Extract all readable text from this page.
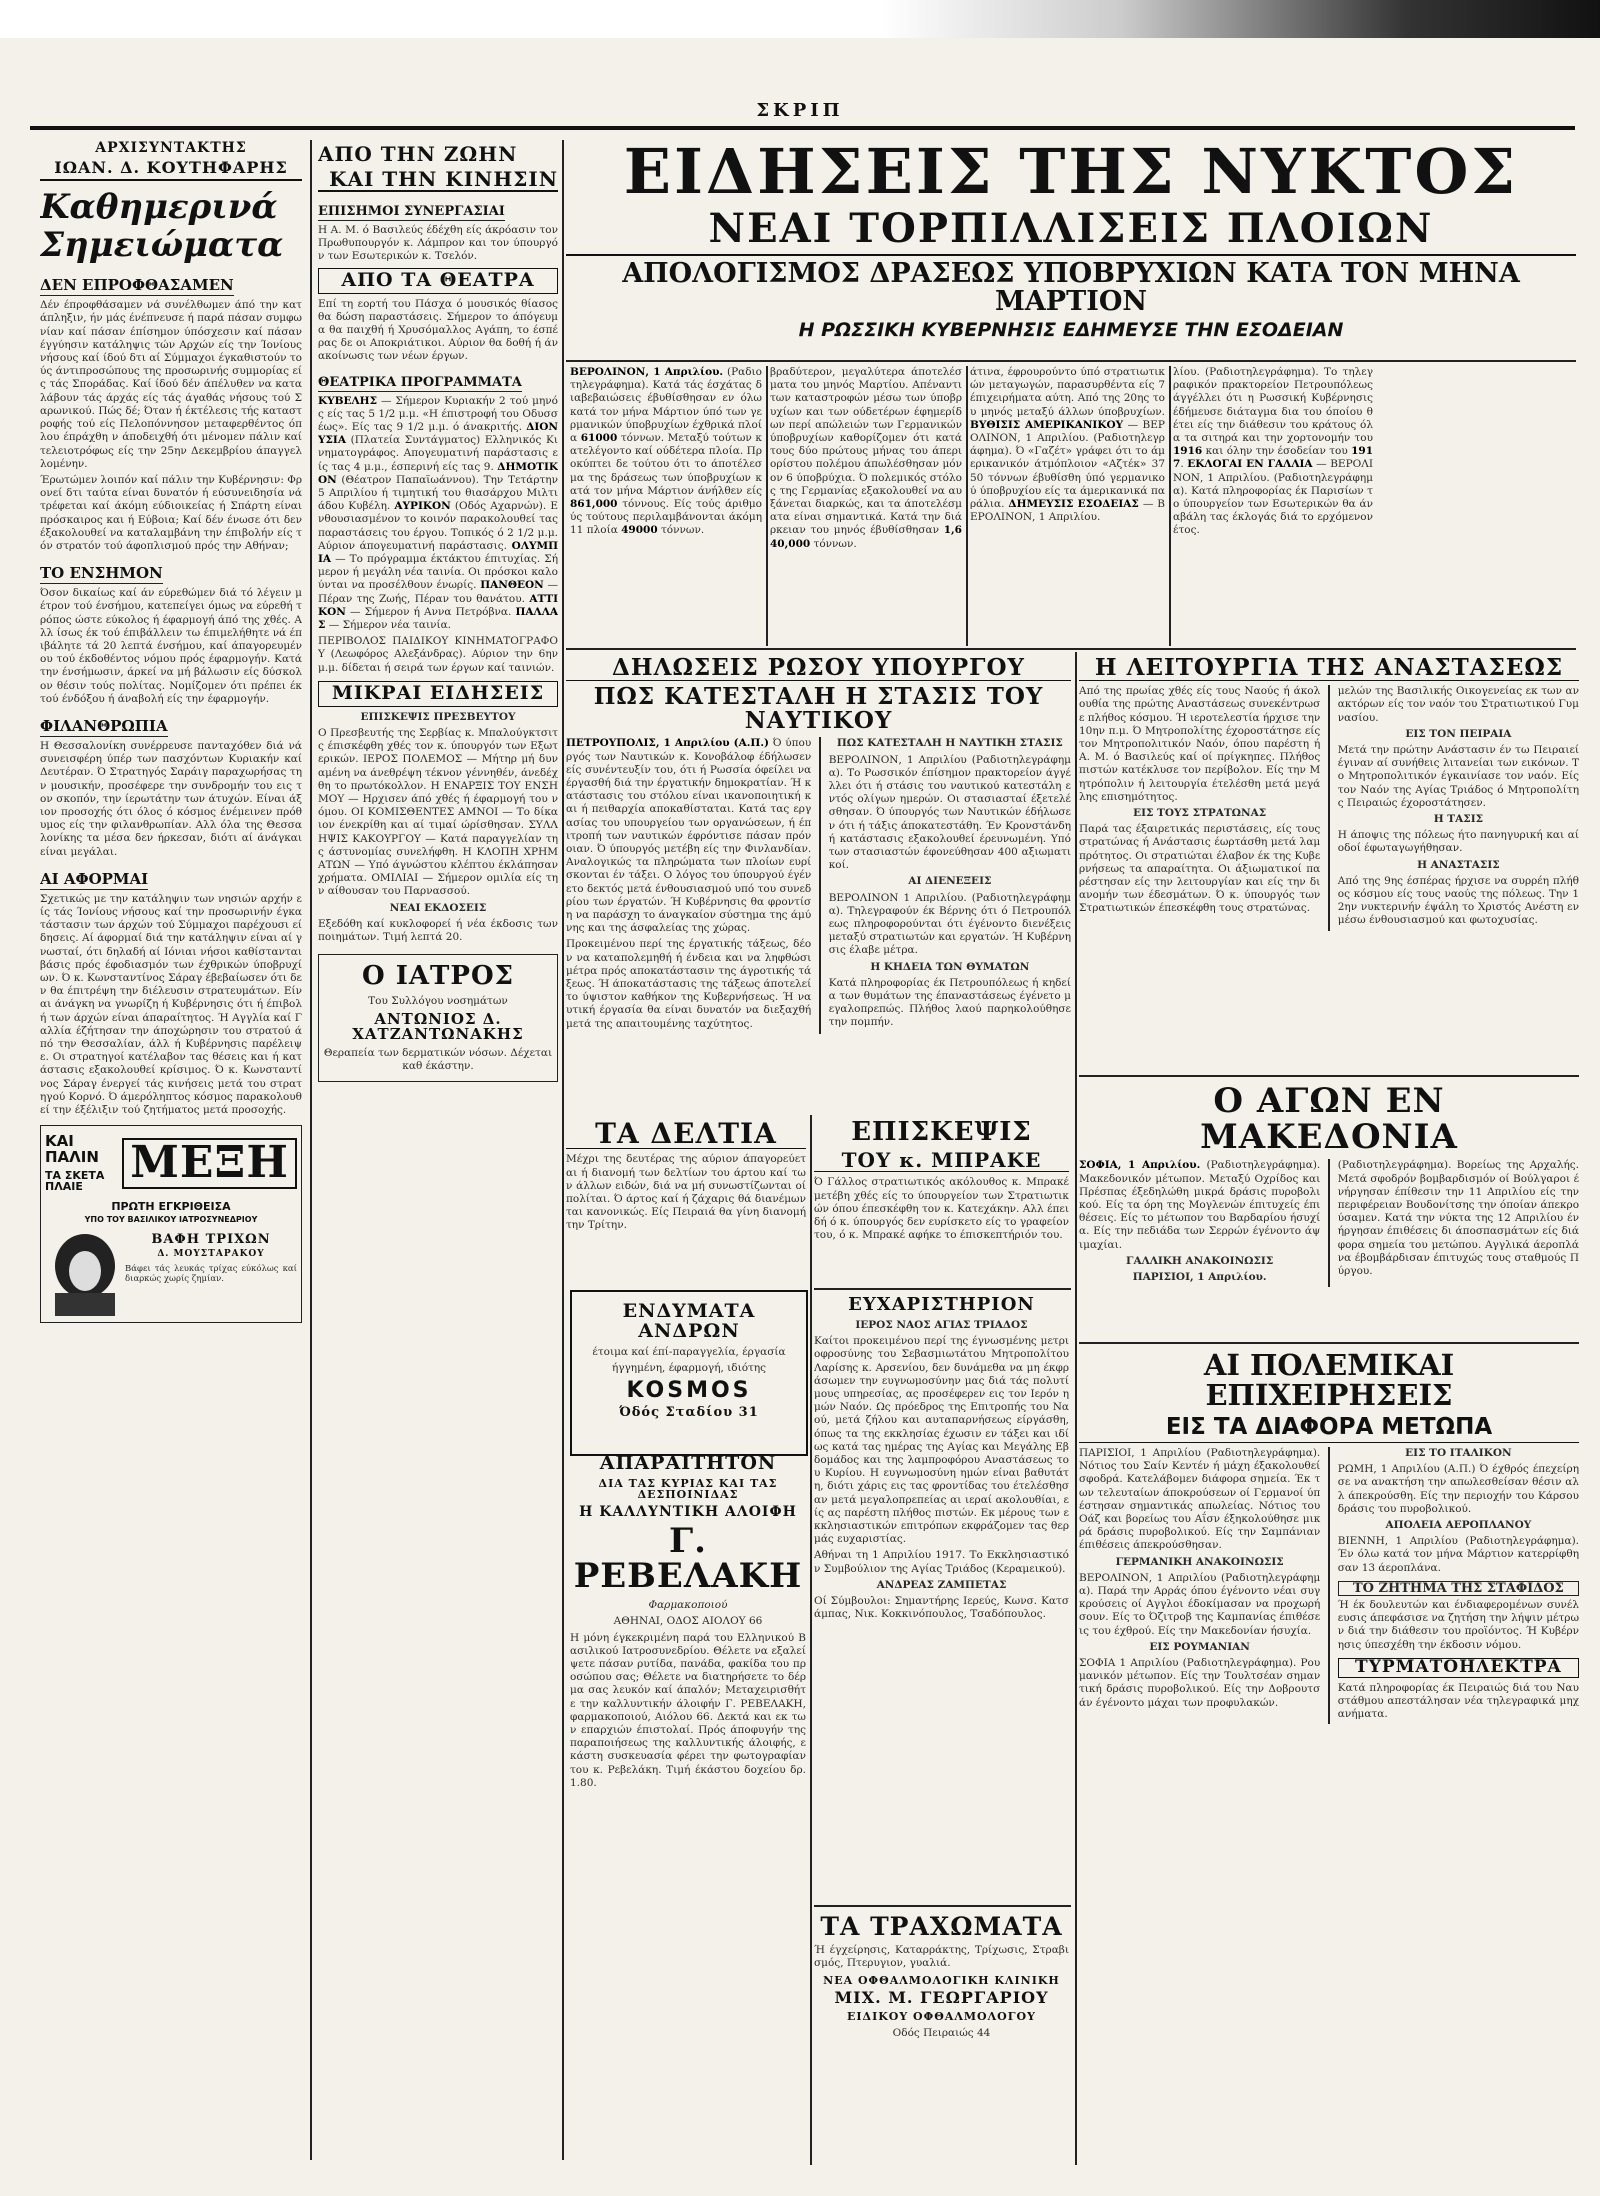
ΣΚΡΙΠ
ΑΡΧΙΣΥΝΤΑΚΤΗΣ
ΙΩΑΝ. Δ. ΚΟΥΤΗΦΑΡΗΣ
Καθημερινά Σημειώματα
ΔΕΝ ΕΠΡΟΦΘΑΣΑΜΕΝ
Δέν έπροφθάσαμεν νά συνέλθωμεν άπό την κατάπληξιν, ήν μάς ένέπνευσε ή παρά πάσαν συμφωνίαν καί πάσαν έπίσημον ύπόσχεσιν καί πάσαν έγγύησιν κατάληψις τών Αρχών είς την Ίονίους νήσους καί ίδού δτι αί Σύμμαχοι έγκαθιστούν τούς άντιπροσώπους της προσωρινής συμμορίας είς τάς Σποράδας. Καί ίδού δέν άπέλυθεν να καταλάβουν τάς άρχάς είς τάς άγαθάς νήσους τού Σαρωνικού. Πώς δέ; Όταν ή έκτέλεσις τής καταστροφής τού είς Πελοπόννησον μεταφερθέντος όπλου έπράχθη ν άποδειχθή ότι μένομεν πάλιν καί τελειοτρόφως είς την 25ην Δεκεμβρίου άπαγγελλομένην.
Έρωτώμεν λοιπόν καί πάλιν την Κυβέρνησιν: Φρονεί δτι ταύτα είναι δυνατόν ή εύσυνειδησία νά τρέφεται καί άκόμη εύδιοικείας ή Σπάρτη είναι πρόσκαιρος και ή Εύβοια; Καί δέν ένωσε ότι δεν έξακολουθεί να καταλαμβάνη την έπιβολήν είς τόν στρατόν τού άφοπλισμού πρός την Αθήναν;
ΤΟ ΕΝΣΗΜΟΝ
Όσον δικαίως καί άν εύρεθώμεν διά τό λέγειν μέτρον τού ένσήμου, κατεπείγει όμως να εύρεθή τρόπος ώστε εύκολος ή έφαρμογή άπό της χθές. Αλλ ίσως έκ τού έπιβάλλειν τω έπιμελήθητε νά έπιβάλητε τά 20 λεπτά ένσήμου, καί άπαγορευμένου τού έκδοθέντος νόμου πρός έφαρμογήν. Κατά την ένσήμωσιν, άρκεί να μή βάλωσιν είς δύσκολον θέσιν τούς πολίτας. Νομίζομεν ότι πρέπει έκ τού ένδόξου ή άναβολή είς την έφαρμογήν.
ΦΙΛΑΝΘΡΩΠΙΑ
Η Θεσσαλονίκη συνέρρευσε πανταχόθεν διά νά συνεισφέρη ύπέρ των πασχόντων Κυριακήν καί Δευτέραν. Ό Στρατηγός Σαράιγ παραχωρήσας την μουσικήν, προσέφερε την συνδρομήν του εις τον σκοπόν, την ίερωτάτην των άτυχών. Είναι άξιον προσοχής ότι όλος ό κόσμος ένέμεινεν πρόθυμος είς την φιλανθρωπίαν. Αλλ όλα της Θεσσαλονίκης τα μέσα δεν ήρκεσαν, διότι αί άνάγκαι είναι μεγάλαι.
ΑΙ ΑΦΟΡΜΑΙ
Σχετικώς με την κατάληψιν των νησιών αρχήν είς τάς Ίονίους νήσους καί την προσωρινήν έγκατάστασιν των άρχών τού Σύμμαχοι παρέχουσι είδησεις. Αί άφορμαί διά την κατάληψιν είναι αί γνωσταί, ότι δηλαδή αί Ιόνιαι νήσοι καθίστανται βάσις πρός έφοδιασμόν των έχθρικών ύποβρυχίων. Ό κ. Κωνσταντίνος Σάραγ έβεβαίωσεν ότι δεν θα έπιτρέψη την διέλευσιν στρατευμάτων. Είναι άνάγκη να γνωρίζη ή Κυβέρνησις ότι ή έπιβολή των άρχών είναι άπαραίτητος. Ή Αγγλία καί Γαλλία έζήτησαν την άποχώρησιν του στρατού άπό την Θεσσαλίαν, άλλ ή Κυβέρνησις παρέλειψε. Οι στρατηγοί κατέλαβον τας θέσεις και ή κατάστασις εξακολουθεί κρίσιμος. Ό κ. Κωνσταντίνος Σάραγ ένεργεί τάς κινήσεις μετά του στρατηγού Κορνό. Ό άμερόληπτος κόσμος παρακολουθεί την έξέλιξιν τού ζητήματος μετά προσοχής.
ΚΑΙ ΠΑΛΙΝ
ΤΑ ΣΚΕΤΑ ΠΛΑΙΕ	ΜΕΞΗ
ΠΡΩΤΗ ΕΓΚΡΙΘΕΙΣΑ
ΥΠΟ ΤΟΥ ΒΑΣΙΛΙΚΟΥ ΙΑΤΡΟΣΥΝΕΔΡΙΟΥ
ΒΑΦΗ ΤΡΙΧΩΝ
Δ. ΜΟΥΣΤΑΡΑΚΟΥ
Βάφει τάς λευκάς τρίχας εύκόλως καί διαρκώς χωρίς ζημίαν.
ΑΠΟ ΤΗΝ ΖΩΗΝ
ΚΑΙ ΤΗΝ ΚΙΝΗΣΙΝ
ΕΠΙΣΗΜΟΙ ΣΥΝΕΡΓΑΣΙΑΙ
Η Α. Μ. ό Βασιλεύς έδέχθη είς άκρόασιν τον Πρωθυπουργόν κ. Λάμπρον και τον ύπουργόν των Εσωτερικών κ. Τσελόν.
ΑΠΟ ΤΑ ΘΕΑΤΡΑ
Επί τη εορτή του Πάσχα ό μουσικός θίασος θα δώση παραστάσεις. Σήμερον το άπόγευμα θα παιχθή ή Χρυσόμαλλος Αγάπη, το έσπέρας δε οι Αποκριάτικοι. Αύριον θα δοθή ή άνακοίνωσις των νέων έργων.
ΘΕΑΤΡΙΚΑ ΠΡΟΓΡΑΜΜΑΤΑ
ΚΥΒΕΛΗΣ — Σήμερον Κυριακήν 2 τού μηνός είς τας 5 1/2 μ.μ. «Η έπιστροφή του Οδυσσέως». Είς τας 9 1/2 μ.μ. ό άνακριτής. ΔΙΟΝΥΣΙΑ (Πλατεία Συντάγματος) Ελληνικός Κινηματογράφος. Απογευματινή παράστασις είς τας 4 μ.μ., έσπερινή είς τας 9. ΔΗΜΟΤΙΚΟΝ (Θέατρον Παπαϊωάννου). Την Τετάρτην 5 Απριλίου ή τιμητική του θιασάρχου Μιλτιάδου Κυβέλη. ΑΥΡΙΚΟΝ (Οδός Αχαρνών). Ενθουσιασμένον το κοινόν παρακολουθεί τας παραστάσεις του έργου. Τοπικός ό 2 1/2 μ.μ. Αύριον άπογευματινή παράστασις. ΟΛΥΜΠΙΑ — Το πρόγραμμα έκτάκτου έπιτυχίας. Σήμερον ή μεγάλη νέα ταινία. Οι πρόσκοι καλούνται να προσέλθουν ένωρίς. ΠΑΝΘΕΟΝ — Πέραν της Ζωής, Πέραν του θανάτου. ΑΤΤΙΚΟΝ — Σήμερον ή Αννα Πετρόβνα. ΠΑΛΛΑΣ — Σήμερον νέα ταινία.
ΠΕΡΙΒΟΛΟΣ ΠΑΙΔΙΚΟΥ ΚΙΝΗΜΑΤΟΓΡΑΦΟΥ (Λεωφόρος Αλεξάνδρας). Αύριον την 6ην μ.μ. δίδεται ή σειρά των έργων καί ταινιών.
ΜΙΚΡΑΙ ΕΙΔΗΣΕΙΣ
ΕΠΙΣΚΕΨΙΣ ΠΡΕΣΒΕΥΤΟΥ
Ο Πρεσβευτής της Σερβίας κ. Μπαλούγκτσιτς έπισκέφθη χθές τον κ. ύπουργόν των Εξωτερικών. ΙΕΡΟΣ ΠΟΛΕΜΟΣ — Μήτηρ μή δυναμένη να άνεθρέψη τέκνον γέννηθέν, άνεδέχθη το πρωτόκολλον. Η ΕΝΑΡΞΙΣ ΤΟΥ ΕΝΣΗΜΟΥ — Ηρχισεν άπό χθές ή έφαρμογή του νόμου. ΟΙ ΚΟΜΙΣΘΕΝΤΕΣ ΑΜΝΟΙ — Το δίκαιον ένεκρίθη και αί τιμαί ώρίσθησαν. ΣΥΛΛΗΨΙΣ ΚΑΚΟΥΡΓΟΥ — Κατά παραγγελίαν της άστυνομίας συνελήφθη. Η ΚΛΟΠΗ ΧΡΗΜΑΤΩΝ — Υπό άγνώστου κλέπτου έκλάπησαν χρήματα. ΟΜΙΛΙΑΙ — Σήμερον ομιλία είς την αίθουσαν του Παρνασσού.
ΝΕΑΙ ΕΚΔΟΣΕΙΣ
Εξεδόθη καί κυκλοφορεί ή νέα έκδοσις των ποιημάτων. Τιμή λεπτά 20.
Ο ΙΑΤΡΟΣ
Του Συλλόγου νοσημάτων
ΑΝΤΩΝΙΟΣ Δ. ΧΑΤΖΑΝΤΩΝΑΚΗΣ
Θεραπεία των δερματικών νόσων. Δέχεται καθ έκάστην.
ΕΙΔΗΣΕΙΣ ΤΗΣ ΝΥΚΤΟΣ
ΝΕΑΙ ΤΟΡΠΙΛΛΙΣΕΙΣ ΠΛΟΙΩΝ
ΑΠΟΛΟΓΙΣΜΟΣ ΔΡΑΣΕΩΣ ΥΠΟΒΡΥΧΙΩΝ ΚΑΤΑ ΤΟΝ ΜΗΝΑ ΜΑΡΤΙΟΝ
Η ΡΩΣΣΙΚΗ ΚΥΒΕΡΝΗΣΙΣ ΕΔΗΜΕΥΣΕ ΤΗΝ ΕΣΟΔΕΙΑΝ
ΒΕΡΟΛΙΝΟΝ, 1 Απριλίου. (Ραδιοτηλεγράφημα). Κατά τάς έσχάτας διαβεβαιώσεις έβυθίσθησαν εν όλω κατά τον μήνα Μάρτιον ύπό των γερμανικών ύποβρυχίων έχθρικά πλοία 61000 τόννων. Μεταξύ τούτων κατελέγοντο καί ούδέτερα πλοία. Προκύπτει δε τούτου ότι το άποτέλεσμα της δράσεως των ύποβρυχίων κατά τον μήνα Μάρτιον άνήλθεν είς 861,000 τόννους. Είς τούς άριθμούς τούτους περιλαμβάνονται άκόμη 11 πλοία 49000 τόννων.
βραδύτερον, μεγαλύτερα άποτελέσματα του μηνός Μαρτίου. Απέναντι των καταστροφών μέσω των ύποβρυχίων και των ούδετέρων έφημερίδων περί απώλειών των Γερμανικών ύποβρυχίων καθορίζομεν ότι κατά τους δύο πρώτους μήνας του άπεριορίστου πολέμου άπωλέσθησαν μόνον 6 ύποβρύχια. Ό πολεμικός στόλος της Γερμανίας εξακολουθεί να αυξάνεται διαρκώς, και τα άποτελέσματα είναι σημαντικά. Κατά την διάρκειαν του μηνός έβυθίσθησαν 1,640,000 τόννων.
άτινα, έφρουρούντο ύπό στρατιωτικών μεταγωγών, παρασυρθέντα είς 7 έπιχειρήματα αύτη. Από της 20ης του μηνός μεταξύ άλλων ύποβρυχίων. ΒΥΘΙΣΙΣ ΑΜΕΡΙΚΑΝΙΚΟΥ — ΒΕΡΟΛΙΝΟΝ, 1 Απριλίου. (Ραδιοτηλεγράφημα). Ό «Γαζέτ» γράφει ότι το άμερικανικόν άτμόπλοιον «Αζτέκ» 3750 τόννων έβυθίσθη ύπό γερμανικού ύποβρυχίου είς τα άμερικανικά παράλια. ΔΗΜΕΥΣΙΣ ΕΣΟΔΕΙΑΣ — ΒΕΡΟΛΙΝΟΝ, 1 Απριλίου.
λίου. (Ραδιοτηλεγράφημα). Το τηλεγραφικόν πρακτορείον Πετρουπόλεως άγγέλλει ότι η Ρωσσική Κυβέρνησις έδήμευσε διάταγμα δια του όποίου θέτει είς την διάθεσιν του κράτους όλα τα σιτηρά και την χορτονομήν του 1916 και όλην την έσοδείαν του 1917. ΕΚΛΟΓΑΙ ΕΝ ΓΑΛΛΙΑ — ΒΕΡΟΛΙΝΟΝ, 1 Απριλίου. (Ραδιοτηλεγράφημα). Κατά πληροφορίας έκ Παρισίων το ύπουργείον των Εσωτερικών θα άναβάλη τας έκλογάς διά το ερχόμενον έτος.
ΔΗΛΩΣΕΙΣ ΡΩΣΟΥ ΥΠΟΥΡΓΟΥ
ΠΩΣ ΚΑΤΕΣΤΑΛΗ Η ΣΤΑΣΙΣ ΤΟΥ ΝΑΥΤΙΚΟΥ
ΠΕΤΡΟΥΠΟΛΙΣ, 1 Απριλίου (Α.Π.) Ό ύπουργός των Ναυτικών κ. Κονοβάλοφ έδήλωσεν είς συνέντευξίν του, ότι ή Ρωσσία όφείλει να έργασθή διά την έργατικήν δημοκρατίαν. Ή κατάστασις του στόλου είναι ικανοποιητική και ή πειθαρχία αποκαθίσταται. Κατά τας εργασίας του υπουργείου των οργανώσεων, ή έπιτροπή των ναυτικών έφρόντισε πάσαν πρόνοιαν. Ό ύπουργός μετέβη είς την Φινλανδίαν. Αναλογικώς τα πληρώματα των πλοίων ευρίσκονται έν τάξει. Ο λόγος του ύπουργού έγένετο δεκτός μετά ένθουσιασμού υπό του συνεδρίου των έργατών. Ή Κυβέρνησις θα φροντίση να παράσχη το άναγκαίον σύστημα της άμύνης και της άσφαλείας της χώρας.
Προκειμένου περί της έργατικής τάξεως, δέον να καταπολεμηθή ή ένδεια και να ληφθώσι μέτρα πρός αποκατάστασιν της άγροτικής τάξεως. Ή άποκατάστασις της τάξεως άποτελεί το ύψιστον καθήκον της Κυβερνήσεως. Ή ναυτική έργασία θα είναι δυνατόν να διεξαχθή μετά της απαιτουμένης ταχύτητος.
ΠΩΣ ΚΑΤΕΣΤΑΛΗ Η ΝΑΥΤΙΚΗ ΣΤΑΣΙΣ
ΒΕΡΟΛΙΝΟΝ, 1 Απριλίου (Ραδιοτηλεγράφημα). Το Ρωσσικόν έπίσημον πρακτορείον άγγέλλει ότι ή στάσις του ναυτικού κατεστάλη εντός ολίγων ημερών. Οι στασιασταί έξετελέσθησαν. Ό ύπουργός των Ναυτικών έδήλωσεν ότι ή τάξις άποκατεστάθη. Έν Κρονστάνδη ή κατάστασις εξακολουθεί έρευνωμένη. Υπό των στασιαστών έφονεύθησαν 400 αξιωματικοί.
ΑΙ ΔΙΕΝΕΞΕΙΣ
ΒΕΡΟΛΙΝΟΝ 1 Απριλίου. (Ραδιοτηλεγράφημα). Τηλεγραφούν έκ Βέρνης ότι ό Πετρουπόλεως πληροφορούνται ότι έγένοντο διενέξεις μεταξύ στρατιωτών και εργατών. Ή Κυβέρνησις έλαβε μέτρα.
Η ΚΗΔΕΙΑ ΤΩΝ ΘΥΜΑΤΩΝ
Κατά πληροφορίας έκ Πετρουπόλεως ή κηδεία των θυμάτων της έπαναστάσεως έγένετο μεγαλοπρεπώς. Πλήθος λαού παρηκολούθησε την πομπήν.
Η ΛΕΙΤΟΥΡΓΙΑ ΤΗΣ ΑΝΑΣΤΑΣΕΩΣ
Από της πρωίας χθές είς τους Ναούς ή άκολουθία της πρώτης Αναστάσεως συνεκέντρωσε πλήθος κόσμου. Ή ιεροτελεστία ήρχισε την 10ην π.μ. Ό Μητροπολίτης έχοροστάτησε είς τον Μητροπολιτικόν Ναόν, όπου παρέστη ή Α. Μ. ό Βασιλεύς καί οί πρίγκηπες. Πλήθος πιστών κατέκλυσε τον περίβολον. Είς την Μητρόπολιν ή λειτουργία έτελέσθη μετά μεγάλης επισημότητος.
ΕΙΣ ΤΟΥΣ ΣΤΡΑΤΩΝΑΣ
Παρά τας έξαιρετικάς περιστάσεις, είς τους στρατώνας ή Ανάστασις έωρτάσθη μετά λαμπρότητος. Οι στρατιώται έλαβον έκ της Κυβερνήσεως τα απαραίτητα. Οι άξιωματικοί παρέστησαν είς την λειτουργίαν και είς την διανομήν των έδεσμάτων. Ό κ. ύπουργός των Στρατιωτικών έπεσκέφθη τους στρατώνας.
μελών της Βασιλικής Οικογενείας εκ των ανακτόρων είς τον ναόν του Στρατιωτικού Γυμνασίου.
ΕΙΣ ΤΟΝ ΠΕΙΡΑΙΑ
Μετά την πρώτην Ανάστασιν έν τω Πειραιεί έγιναν αί συνήθεις λιτανείαι των εικόνων. Το Μητροπολιτικόν έγκαινίασε τον ναόν. Είς τον Ναόν της Αγίας Τριάδος ό Μητροπολίτης Πειραιώς έχοροστάτησεν.
Η ΤΑΣΙΣ
Η άποψις της πόλεως ήτο πανηγυρική και αί οδοί έφωταγωγήθησαν.
Η ΑΝΑΣΤΑΣΙΣ
Από της 9ης έσπέρας ήρχισε να συρρέη πλήθος κόσμου είς τους ναούς της πόλεως. Την 12ην νυκτερινήν έψάλη το Χριστός Ανέστη εν μέσω ένθουσιασμού και φωτοχυσίας.
Ο ΑΓΩΝ ΕΝ ΜΑΚΕΔΟΝΙΑ
ΣΟΦΙΑ, 1 Απριλίου. (Ραδιοτηλεγράφημα). Μακεδονικόν μέτωπον. Μεταξύ Οχρίδος και Πρέσπας έξεδηλώθη μικρά δράσις πυροβολικού. Είς τα όρη της Μογλενών έπιτυχείς έπιθέσεις. Είς το μέτωπον του Βαρδαρίου ήσυχία. Είς την πεδιάδα των Σερρών έγένοντο άψιμαχίαι.
ΓΑΛΛΙΚΗ ΑΝΑΚΟΙΝΩΣΙΣ
ΠΑΡΙΣΙΟΙ, 1 Απριλίου.
(Ραδιοτηλεγράφημα). Βορείως της Αρχαλής. Μετά σφοδρόν βομβαρδισμόν οί Βούλγαροι ένήργησαν έπίθεσιν την 11 Απριλίου είς την περιφέρειαν Βουδονίτσης την όποίαν άπεκρούσαμεν. Κατά την νύκτα της 12 Απριλίου ένήργησαν έπιθέσεις δι άποσπασμάτων είς διάφορα σημεία του μετώπου. Αγγλικά άεροπλάνα έβομβάρδισαν έπιτυχώς τους σταθμούς Πύργου.
ΑΙ ΠΟΛΕΜΙΚΑΙ ΕΠΙΧΕΙΡΗΣΕΙΣ
ΕΙΣ ΤΑ ΔΙΑΦΟΡΑ ΜΕΤΩΠΑ
ΠΑΡΙΣΙΟΙ, 1 Απριλίου (Ραδιοτηλεγράφημα). Νότιος του Σαίν Κεντέν ή μάχη έξακολουθεί σφοδρά. Κατελάβομεν διάφορα σημεία. Έκ των τελευταίων άποκρούσεων οί Γερμανοί ύπέστησαν σημαντικάς απωλείας. Νότιος του Οάζ και βορείως του Αΐσν έξηκολούθησε μικρά δράσις πυροβολικού. Είς την Σαμπάνιαν έπιθέσεις άπεκρούσθησαν.
ΓΕΡΜΑΝΙΚΗ ΑΝΑΚΟΙΝΩΣΙΣ
ΒΕΡΟΛΙΝΟΝ, 1 Απριλίου (Ραδιοτηλεγράφημα). Παρά την Αρράς όπου έγένοντο νέαι συγκρούσεις οί Αγγλοι έδοκίμασαν να προχωρήσουν. Είς το Όζιτροβ της Καμπανίας έπιθέσεις του έχθρού. Είς την Μακεδονίαν ήσυχία.
ΕΙΣ ΡΟΥΜΑΝΙΑΝ
ΣΟΦΙΑ 1 Απριλίου (Ραδιοτηλεγράφημα). Ρουμανικόν μέτωπον. Είς την Τουλτσέαν σημαντική δράσις πυροβολικού. Είς την Δοβρουτσάν έγένοντο μάχαι των προφυλακών.
ΕΙΣ ΤΟ ΙΤΑΛΙΚΟΝ
ΡΩΜΗ, 1 Απριλίου (Α.Π.) Ό έχθρός έπεχείρησε να ανακτήση την απωλεσθείσαν θέσιν αλλ άπεκρούσθη. Είς την περιοχήν του Κάρσου δράσις του πυροβολικού.
ΑΠΟΛΕΙΑ ΑΕΡΟΠΛΑΝΟΥ
ΒΙΕΝΝΗ, 1 Απριλίου (Ραδιοτηλεγράφημα). Έν όλω κατά τον μήνα Μάρτιον κατερρίφθησαν 13 άεροπλάνα.
ΤΟ ΖΗΤΗΜΑ ΤΗΣ ΣΤΑΦΙΔΟΣ
Ή έκ δουλευτών και ένδιαφερομένων συνέλευσις άπεφάσισε να ζητήση την λήψιν μέτρων διά την διάθεσιν του προϊόντος. Ή Κυβέρνησις ύπεσχέθη την έκδοσιν νόμου.
ΤΥΡΜΑΤΟΗΛΕΚΤΡΑ
Κατά πληροφορίας έκ Πειραιώς διά του Ναυστάθμου απεστάλησαν νέα τηλεγραφικά μηχανήματα.
ΤΑ ΔΕΛΤΙΑ
Μέχρι της δευτέρας της αύριον άπαγορεύεται ή διανομή των δελτίων του άρτου καί των άλλων ειδών, διά να μή συνωστίζωνται οί πολίται. Ό άρτος καί ή ζάχαρις θά διανέμωνται κανονικώς. Είς Πειραιά θα γίνη διανομή την Τρίτην.
ΕΝΔΥΜΑΤΑ ΑΝΔΡΩΝ
έτοιμα καί έπί-παραγγελία, έργασία
ήγγημένη, έφαρμογή, ιδιότης
KOSMOS
Όδός Σταδίου 31
ΑΠΑΡΑΙΤΗΤΟΝ
ΔΙΑ ΤΑΣ ΚΥΡΙΑΣ ΚΑΙ ΤΑΣ ΔΕΣΠΟΙΝΙΔΑΣ
Η ΚΑΛΛΥΝΤΙΚΗ ΑΛΟΙΦΗ
Γ. ΡΕΒΕΛΑΚΗ
Φαρμακοποιού
ΑΘΗΝΑΙ, ΟΔΟΣ ΑΙΟΛΟΥ 66
Η μόνη έγκεκριμένη παρά του Ελληνικού Βασιλικού Ιατροσυνεδρίου. Θέλετε να εξαλείψετε πάσαν ρυτίδα, πανάδα, φακίδα του προσώπου σας; Θέλετε να διατηρήσετε το δέρμα σας λευκόν καί άπαλόν; Μεταχειρισθήτε την καλλυντικήν άλοιφήν Γ. ΡΕΒΕΛΑΚΗ, φαρμακοποιού, Αιόλου 66. Δεκτά και εκ των επαρχιών έπιστολαί. Πρός άποφυγήν της παραποιήσεως της καλλυντικής άλοιφής, εκάστη συσκευασία φέρει την φωτογραφίαν του κ. Ρεβελάκη. Τιμή έκάστου δοχείου δρ. 1.80.
ΕΠΙΣΚΕΨΙΣ
ΤΟΥ κ. ΜΠΡΑΚΕ
Ό Γάλλος στρατιωτικός ακόλουθος κ. Μπρακέ μετέβη χθές είς το ύπουργείον των Στρατιωτικών όπου έπεσκέφθη τον κ. Κατεχάκην. Αλλ έπειδή ό κ. ύπουργός δεν ευρίσκετο είς το γραφείον του, ό κ. Μπρακέ αφήκε το έπισκεπτήριόν του.
ΕΥΧΑΡΙΣΤΗΡΙΟΝ
ΙΕΡΟΣ ΝΑΟΣ ΑΓΙΑΣ ΤΡΙΑΔΟΣ
Καίτοι προκειμένου περί της έγνωσμένης μετριοφροσύνης του Σεβασμιωτάτου Μητροπολίτου Λαρίσης κ. Αρσενίου, δεν δυνάμεθα να μη έκφράσωμεν την ευγνωμοσύνην μας διά τάς πολυτίμους υπηρεσίας, ας προσέφερεν εις τον Ιερόν ημών Ναόν. Ως πρόεδρος της Επιτροπής του Ναού, μετά ζήλου και αυταπαρνήσεως είργάσθη, όπως τα της εκκλησίας έχωσιν εν τάξει και ιδίως κατά τας ημέρας της Αγίας και Μεγάλης Εβδομάδος και της λαμπροφόρου Αναστάσεως του Κυρίου. Η ευγνωμοσύνη ημών είναι βαθυτάτη, διότι χάρις εις τας φροντίδας του έτελέσθησαν μετά μεγαλοπρεπείας αι ιεραί ακολουθίαι, είς ας παρέστη πλήθος πιστών. Εκ μέρους των εκκλησιαστικών επιτρόπων εκφράζομεν τας θερμάς ευχαριστίας.
Αθήναι τη 1 Απριλίου 1917. Το Εκκλησιαστικόν Συμβούλιον της Αγίας Τριάδος (Κεραμεικού).
ΑΝΔΡΕΑΣ ΖΑΜΠΕΤΑΣ
Οί Σύμβουλοι: Σημαντήρης Ιερεύς, Κωνσ. Κατσάμπας, Νικ. Κοκκινόπουλος, Τσαδόπουλος.
ΤΑ ΤΡΑΧΩΜΑΤΑ
Ή έγχείρησις, Καταρράκτης, Τρίχωσις, Στραβισμός, Πτερυγιον, γυαλιά.
ΝΕΑ ΟΦΘΑΛΜΟΛΟΓΙΚΗ ΚΛΙΝΙΚΗ
ΜΙΧ. Μ. ΓΕΩΡΓΑΡΙΟΥ
ΕΙΔΙΚΟΥ ΟΦΘΑΛΜΟΛΟΓΟΥ
Οδός Πειραιώς 44
